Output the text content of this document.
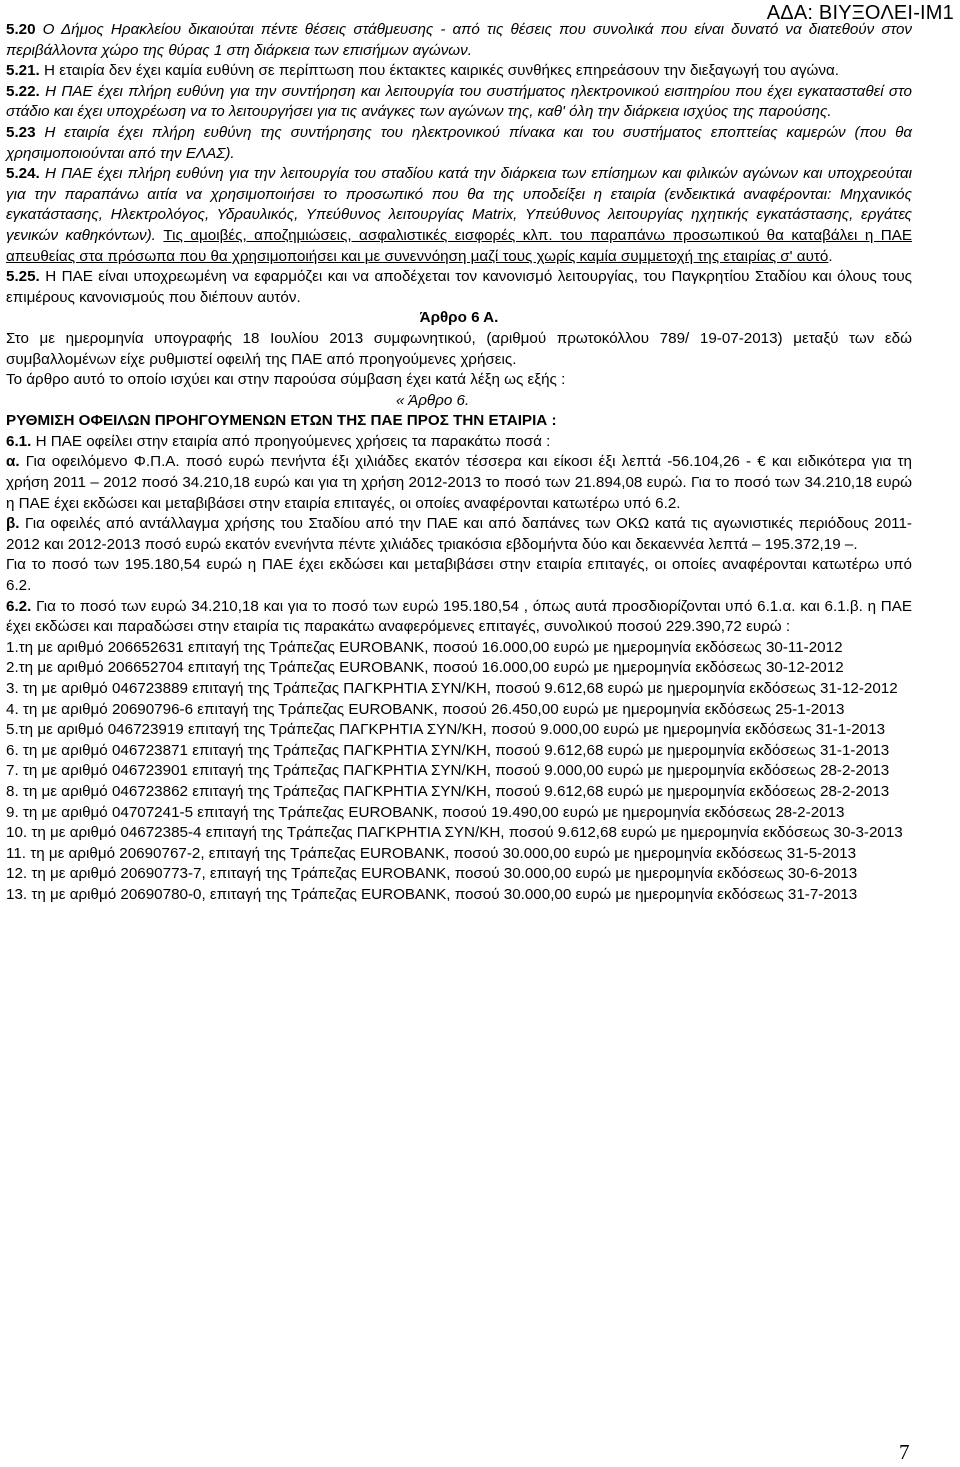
ΑΔΑ: ΒΙΥΞΟΛΕΙ-ΙΜ1

5.20 Ο Δήμος Ηρακλείου δικαιούται πέντε θέσεις στάθμευσης - από τις θέσεις που συνολικά που είναι δυνατό να διατεθούν στον περιβάλλοντα χώρο της θύρας 1 στη διάρκεια των επισήμων αγώνων.

5.21. Η εταιρία δεν έχει καμία ευθύνη σε περίπτωση που έκτακτες καιρικές συνθήκες επηρεάσουν την διεξαγωγή του αγώνα.

5.22. Η ΠΑΕ έχει πλήρη ευθύνη για την συντήρηση και λειτουργία του συστήματος ηλεκτρονικού εισιτηρίου που έχει εγκατασταθεί στο στάδιο και έχει υποχρέωση να το λειτουργήσει για τις ανάγκες των αγώνων της, καθ' όλη την διάρκεια ισχύος της παρούσης.

5.23 Η εταιρία έχει πλήρη ευθύνη της συντήρησης του ηλεκτρονικού πίνακα και του συστήματος εποπτείας καμερών (που θα χρησιμοποιούνται από την ΕΛΑΣ).

5.24. Η ΠΑΕ έχει πλήρη ευθύνη για την λειτουργία του σταδίου κατά την διάρκεια των επίσημων και φιλικών αγώνων και υποχρεούται για την παραπάνω αιτία να χρησιμοποιήσει το προσωπικό που θα της υποδείξει η εταιρία (ενδεικτικά αναφέρονται: Μηχανικός εγκατάστασης, Ηλεκτρολόγος, Υδραυλικός, Υπεύθυνος λειτουργίας Matrix, Υπεύθυνος λειτουργίας ηχητικής εγκατάστασης, εργάτες γενικών καθηκόντων). Τις αμοιβές, αποζημιώσεις, ασφαλιστικές εισφορές κλπ. του παραπάνω προσωπικού θα καταβάλει η ΠΑΕ απευθείας στα πρόσωπα που θα χρησιμοποιήσει και με συνεννόηση μαζί τους χωρίς καμία συμμετοχή της εταιρίας σ' αυτό.

5.25. Η ΠΑΕ είναι υποχρεωμένη να εφαρμόζει και να αποδέχεται τον κανονισμό λειτουργίας, του Παγκρητίου Σταδίου και όλους τους επιμέρους κανονισμούς που διέπουν αυτόν.

Άρθρο 6 Α.

Στο με ημερομηνία υπογραφής 18 Ιουλίου 2013 συμφωνητικού, (αριθμού πρωτοκόλλου 789/ 19-07-2013) μεταξύ των εδώ συμβαλλομένων είχε ρυθμιστεί οφειλή της ΠΑΕ από προηγούμενες χρήσεις.

Το άρθρο αυτό το οποίο ισχύει και στην παρούσα σύμβαση έχει κατά λέξη ως εξής :

« Άρθρο 6.

ΡΥΘΜΙΣΗ ΟΦΕΙΛΩΝ ΠΡΟΗΓΟΥΜΕΝΩΝ ΕΤΩΝ ΤΗΣ ΠΑΕ ΠΡΟΣ ΤΗΝ ΕΤΑΙΡΙΑ :

6.1. Η ΠΑΕ οφείλει στην εταιρία από προηγούμενες χρήσεις τα παρακάτω ποσά :

α. Για οφειλόμενο Φ.Π.Α. ποσό ευρώ πενήντα έξι χιλιάδες εκατόν τέσσερα και είκοσι έξι λεπτά -56.104,26 - € και ειδικότερα για τη χρήση 2011 – 2012 ποσό 34.210,18 ευρώ και για τη χρήση 2012-2013 το ποσό των 21.894,08 ευρώ. Για το ποσό των 34.210,18 ευρώ η ΠΑΕ έχει εκδώσει και μεταβιβάσει στην εταιρία επιταγές, οι οποίες αναφέρονται κατωτέρω υπό 6.2.

β. Για οφειλές από αντάλλαγμα χρήσης του Σταδίου από την ΠΑΕ και από δαπάνες των ΟΚΩ κατά τις αγωνιστικές περιόδους 2011-2012 και 2012-2013 ποσό ευρώ εκατόν ενενήντα πέντε χιλιάδες τριακόσια εβδομήντα δύο και δεκαεννέα λεπτά – 195.372,19 –.

Για το ποσό των 195.180,54 ευρώ η ΠΑΕ έχει εκδώσει και μεταβιβάσει στην εταιρία επιταγές, οι οποίες αναφέρονται κατωτέρω υπό 6.2.

6.2. Για το ποσό των ευρώ 34.210,18 και για το ποσό των ευρώ 195.180,54 , όπως αυτά προσδιορίζονται υπό 6.1.α. και 6.1.β. η ΠΑΕ έχει εκδώσει και παραδώσει στην εταιρία τις παρακάτω αναφερόμενες επιταγές, συνολικού ποσού 229.390,72 ευρώ :

1.τη με αριθμό 206652631 επιταγή της Τράπεζας EUROBANK, ποσού 16.000,00 ευρώ με ημερομηνία εκδόσεως 30-11-2012

2.τη με αριθμό 206652704 επιταγή της Τράπεζας EUROBANK, ποσού 16.000,00 ευρώ με ημερομηνία εκδόσεως 30-12-2012

3. τη με αριθμό 046723889 επιταγή της Τράπεζας ΠΑΓΚΡΗΤΙΑ ΣΥΝ/ΚΗ, ποσού 9.612,68 ευρώ με ημερομηνία εκδόσεως 31-12-2012

4. τη με αριθμό 20690796-6 επιταγή της Τράπεζας EUROBANK, ποσού 26.450,00 ευρώ με ημερομηνία εκδόσεως 25-1-2013

5.τη με αριθμό 046723919 επιταγή της Τράπεζας ΠΑΓΚΡΗΤΙΑ ΣΥΝ/ΚΗ, ποσού 9.000,00 ευρώ με ημερομηνία εκδόσεως 31-1-2013

6. τη με αριθμό 046723871 επιταγή της Τράπεζας ΠΑΓΚΡΗΤΙΑ ΣΥΝ/ΚΗ, ποσού 9.612,68 ευρώ με ημερομηνία εκδόσεως 31-1-2013

7. τη με αριθμό 046723901 επιταγή της Τράπεζας ΠΑΓΚΡΗΤΙΑ ΣΥΝ/ΚΗ, ποσού 9.000,00 ευρώ με ημερομηνία εκδόσεως 28-2-2013

8. τη με αριθμό 046723862 επιταγή της Τράπεζας ΠΑΓΚΡΗΤΙΑ ΣΥΝ/ΚΗ, ποσού 9.612,68 ευρώ με ημερομηνία εκδόσεως 28-2-2013

9. τη με αριθμό 04707241-5 επιταγή της Τράπεζας EUROBANK, ποσού 19.490,00 ευρώ με ημερομηνία εκδόσεως 28-2-2013

10. τη με αριθμό 04672385-4 επιταγή της Τράπεζας ΠΑΓΚΡΗΤΙΑ ΣΥΝ/ΚΗ, ποσού 9.612,68 ευρώ με ημερομηνία εκδόσεως 30-3-2013

11. τη με αριθμό 20690767-2, επιταγή της Τράπεζας EUROBANK, ποσού 30.000,00 ευρώ με ημερομηνία εκδόσεως 31-5-2013

12. τη με αριθμό 20690773-7, επιταγή της Τράπεζας EUROBANK, ποσού 30.000,00 ευρώ με ημερομηνία εκδόσεως 30-6-2013

13. τη με αριθμό 20690780-0, επιταγή της Τράπεζας EUROBANK, ποσού 30.000,00 ευρώ με ημερομηνία εκδόσεως 31-7-2013

7
